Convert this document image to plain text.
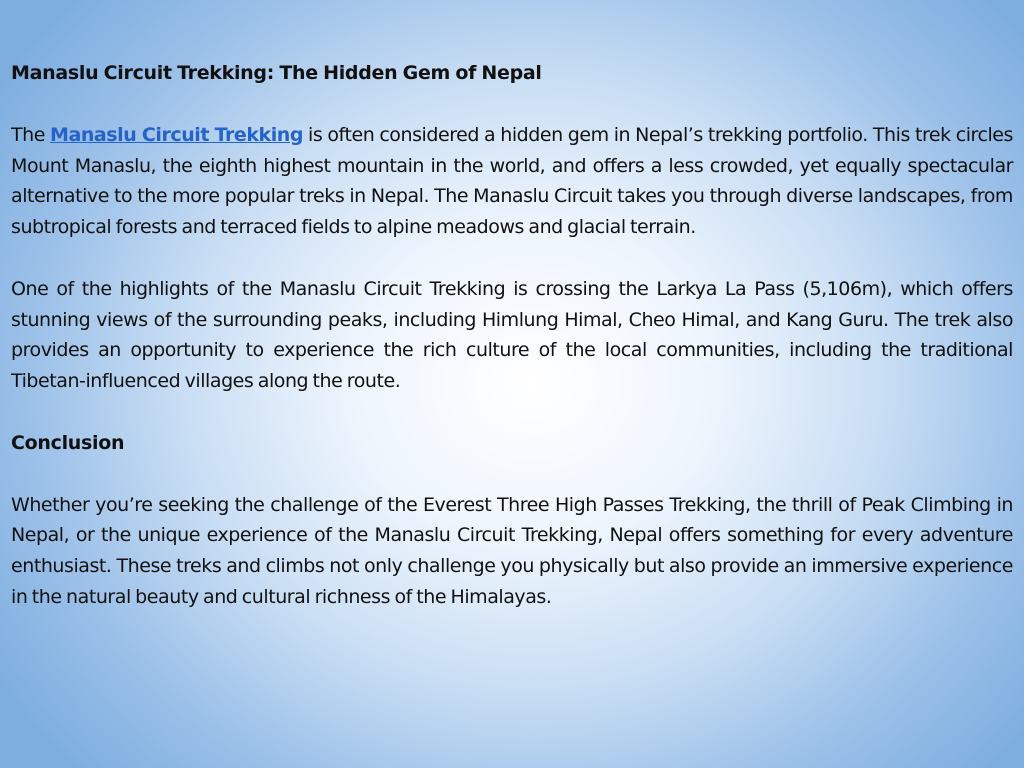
Manaslu Circuit Trekking: The Hidden Gem of Nepal

The Manaslu Circuit Trekking is often considered a hidden gem in Nepal’s trekking portfolio. This trek circles Mount Manaslu, the eighth highest mountain in the world, and offers a less crowded, yet equally spectacular alternative to the more popular treks in Nepal. The Manaslu Circuit takes you through diverse landscapes, from subtropical forests and terraced fields to alpine meadows and glacial terrain.

One of the highlights of the Manaslu Circuit Trekking is crossing the Larkya La Pass (5,106m), which offers stunning views of the surrounding peaks, including Himlung Himal, Cheo Himal, and Kang Guru. The trek also provides an opportunity to experience the rich culture of the local communities, including the traditional Tibetan-influenced villages along the route.

Conclusion

Whether you’re seeking the challenge of the Everest Three High Passes Trekking, the thrill of Peak Climbing in Nepal, or the unique experience of the Manaslu Circuit Trekking, Nepal offers something for every adventure enthusiast. These treks and climbs not only challenge you physically but also provide an immersive experience in the natural beauty and cultural richness of the Himalayas.
